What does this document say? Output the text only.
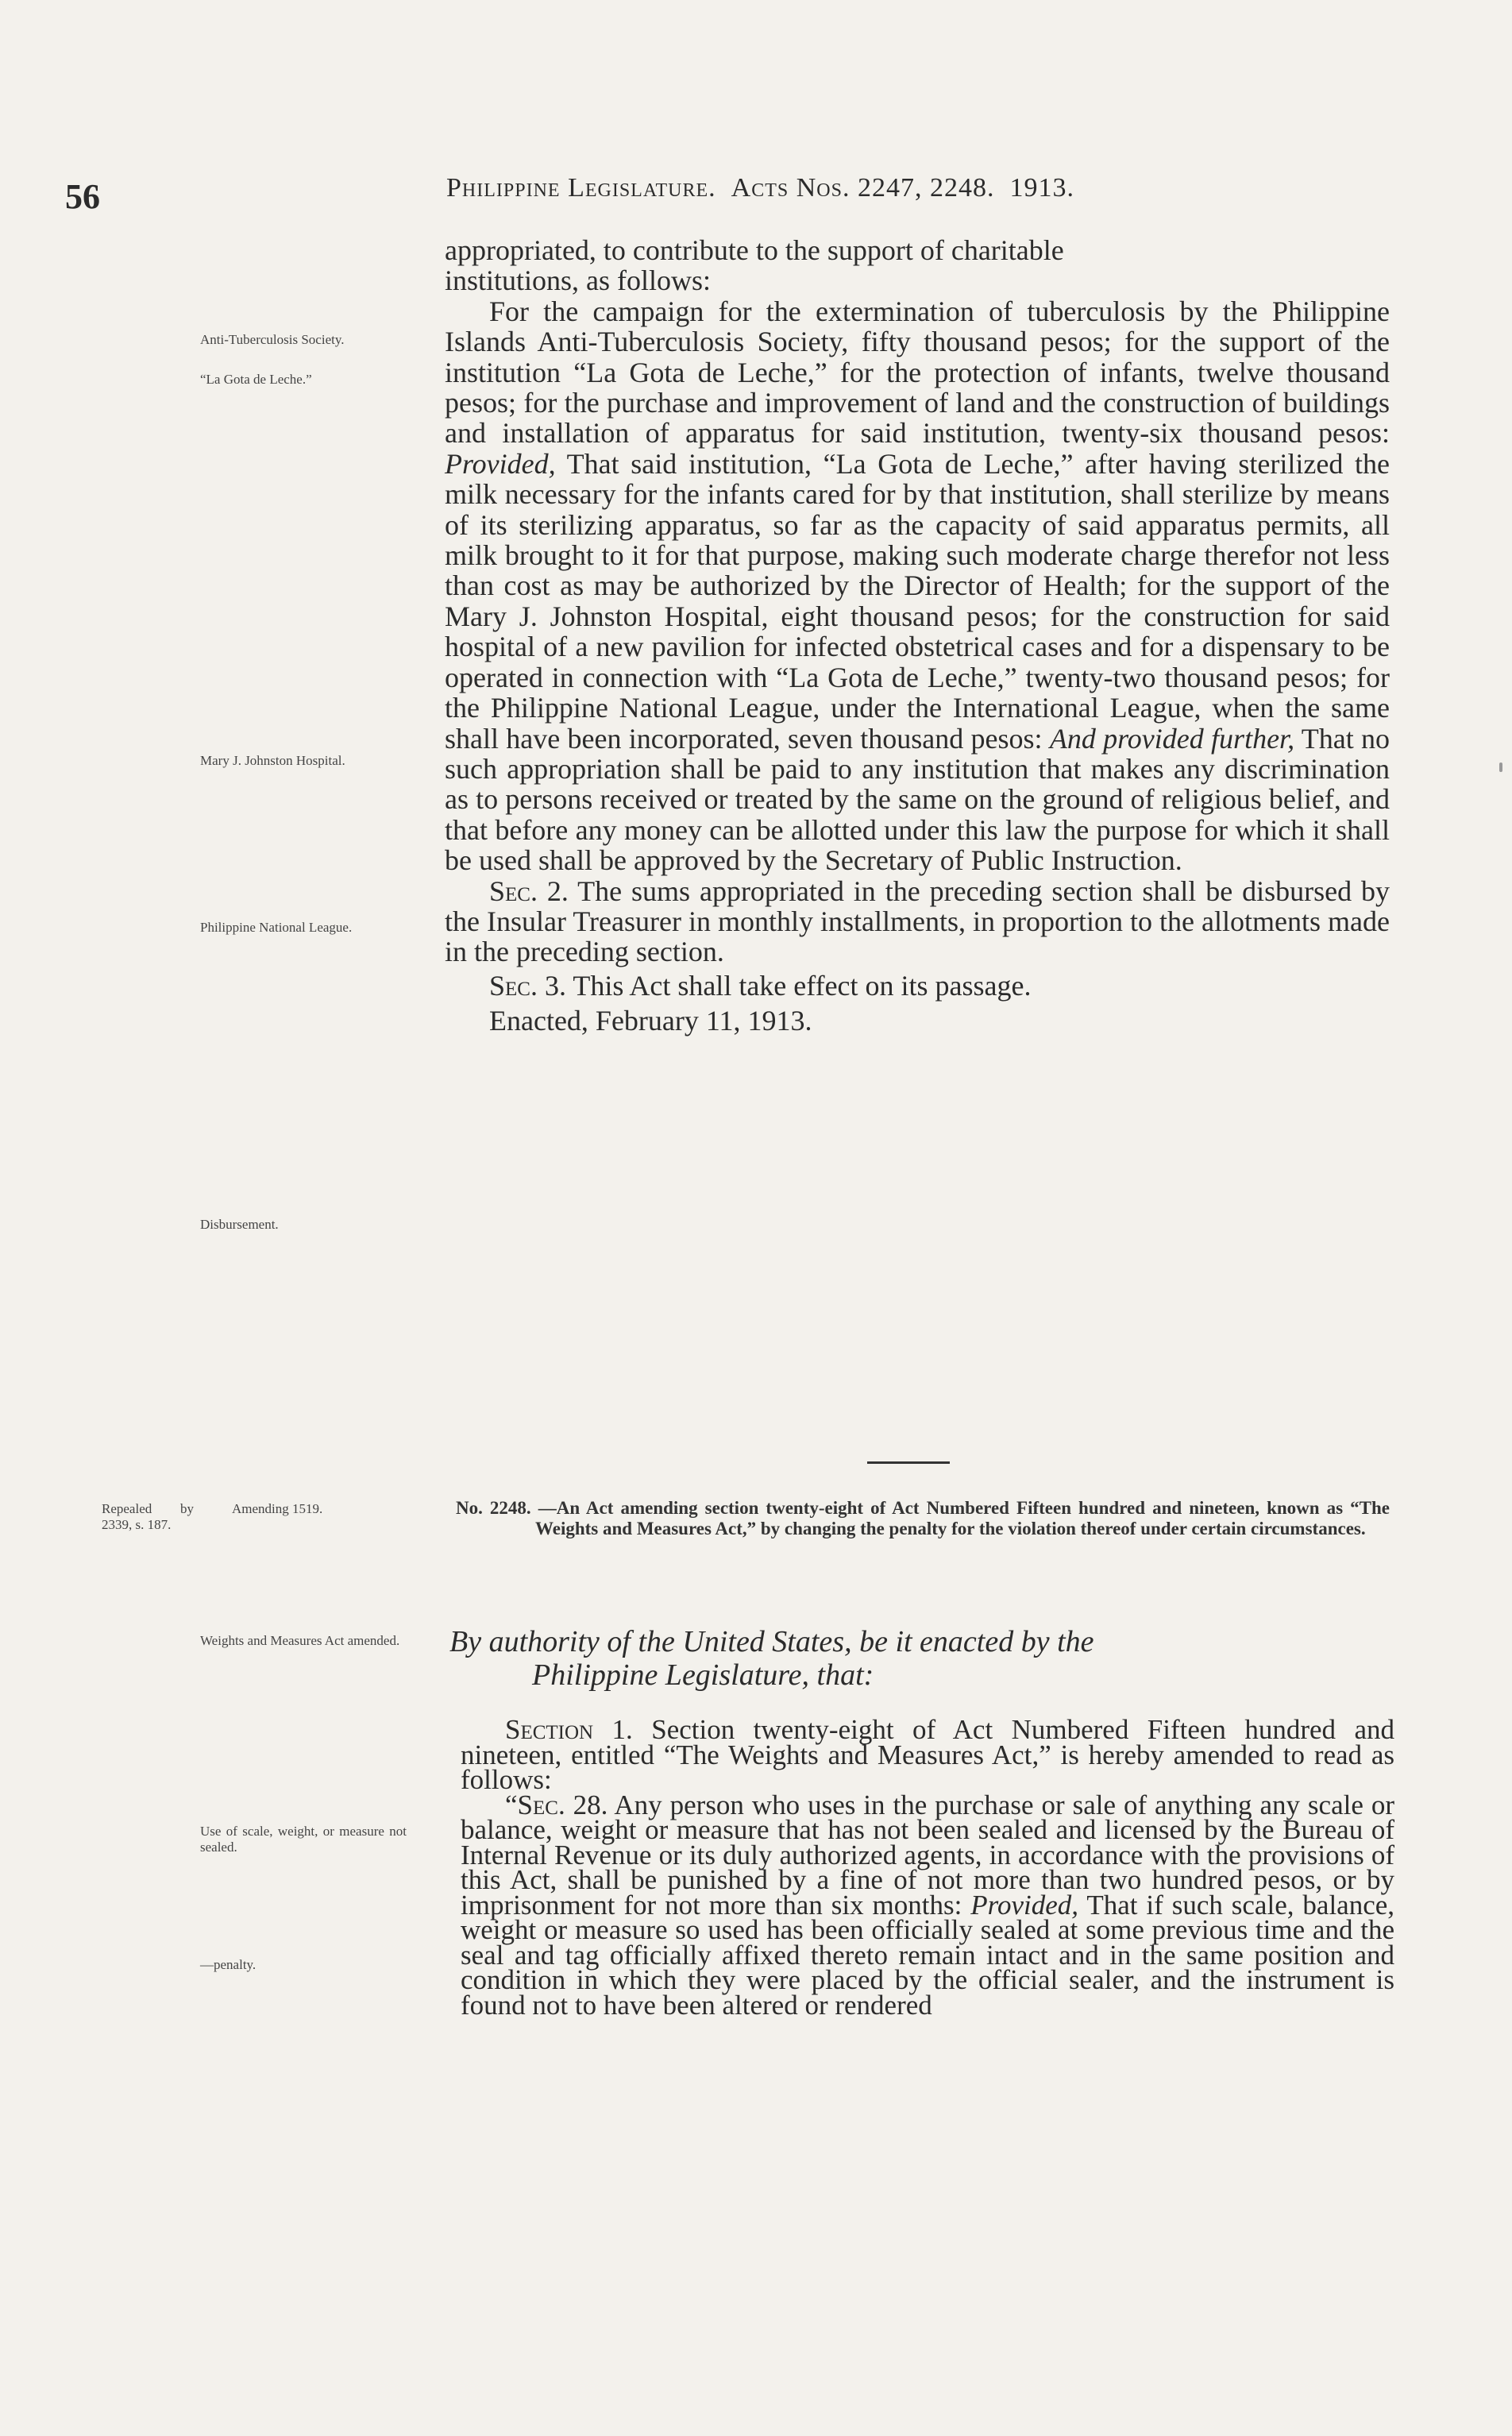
56	Philippine Legislature. Acts Nos. 2247, 2248. 1913.

appropriated, to contribute to the support of charitable

institutions, as follows:

For the campaign for the extermination of tuberculosis by the Philippine Islands Anti-Tuberculosis Society, fifty thousand pesos; for the support of the institution “La Gota de Leche,” for the protection of infants, twelve thousand pesos; for the purchase and improvement of land and the construction of buildings and installation of apparatus for said institution, twenty-six thousand pesos: Provided, That said institution, “La Gota de Leche,” after having sterilized the milk necessary for the infants cared for by that institution, shall sterilize by means of its sterilizing apparatus, so far as the capacity of said apparatus permits, all milk brought to it for that purpose, making such moderate charge therefor not less than cost as may be authorized by the Director of Health; for the support of the Mary J. Johnston Hospital, eight thousand pesos; for the construction for said hospital of a new pavilion for infected obstetrical cases and for a dispensary to be operated in connection with “La Gota de Leche,” twenty-two thousand pesos; for the Philippine National League, under the International League, when the same shall have been incorporated, seven thousand pesos: And provided further, That no such appropriation shall be paid to any institution that makes any discrimination as to persons received or treated by the same on the ground of religious belief, and that before any money can be allotted under this law the purpose for which it shall be used shall be approved by the Secretary of Public Instruction.

Sec. 2. The sums appropriated in the preceding section shall be disbursed by the Insular Treasurer in monthly installments, in proportion to the allotments made in the preceding section.

Sec. 3. This Act shall take effect on its passage.

Enacted, February 11, 1913.

Anti-Tuberculosis Society.
“La Gota de Leche.”
Mary J. Johnston Hospital.
Philippine National League.
Disbursement.
Repealed by 2339, s. 187.
Amending 1519.
Weights and Measures Act amended.
Use of scale, weight, or measure not sealed.
—penalty.
No. 2248. —An Act amending section twenty-eight of Act Numbered Fifteen hundred and nineteen, known as “The Weights and Measures Act,” by changing the penalty for the violation thereof under certain circumstances.
By authority of the United States, be it enacted by the
Philippine Legislature, that:

Section 1. Section twenty-eight of Act Numbered Fifteen hundred and nineteen, entitled “The Weights and Measures Act,” is hereby amended to read as follows:

“Sec. 28. Any person who uses in the purchase or sale of anything any scale or balance, weight or measure that has not been sealed and licensed by the Bureau of Internal Revenue or its duly authorized agents, in accordance with the provisions of this Act, shall be punished by a fine of not more than two hundred pesos, or by imprisonment for not more than six months: Provided, That if such scale, balance, weight or measure so used has been officially sealed at some previous time and the seal and tag officially affixed thereto remain intact and in the same position and condition in which they were placed by the official sealer, and the instrument is found not to have been altered or rendered
